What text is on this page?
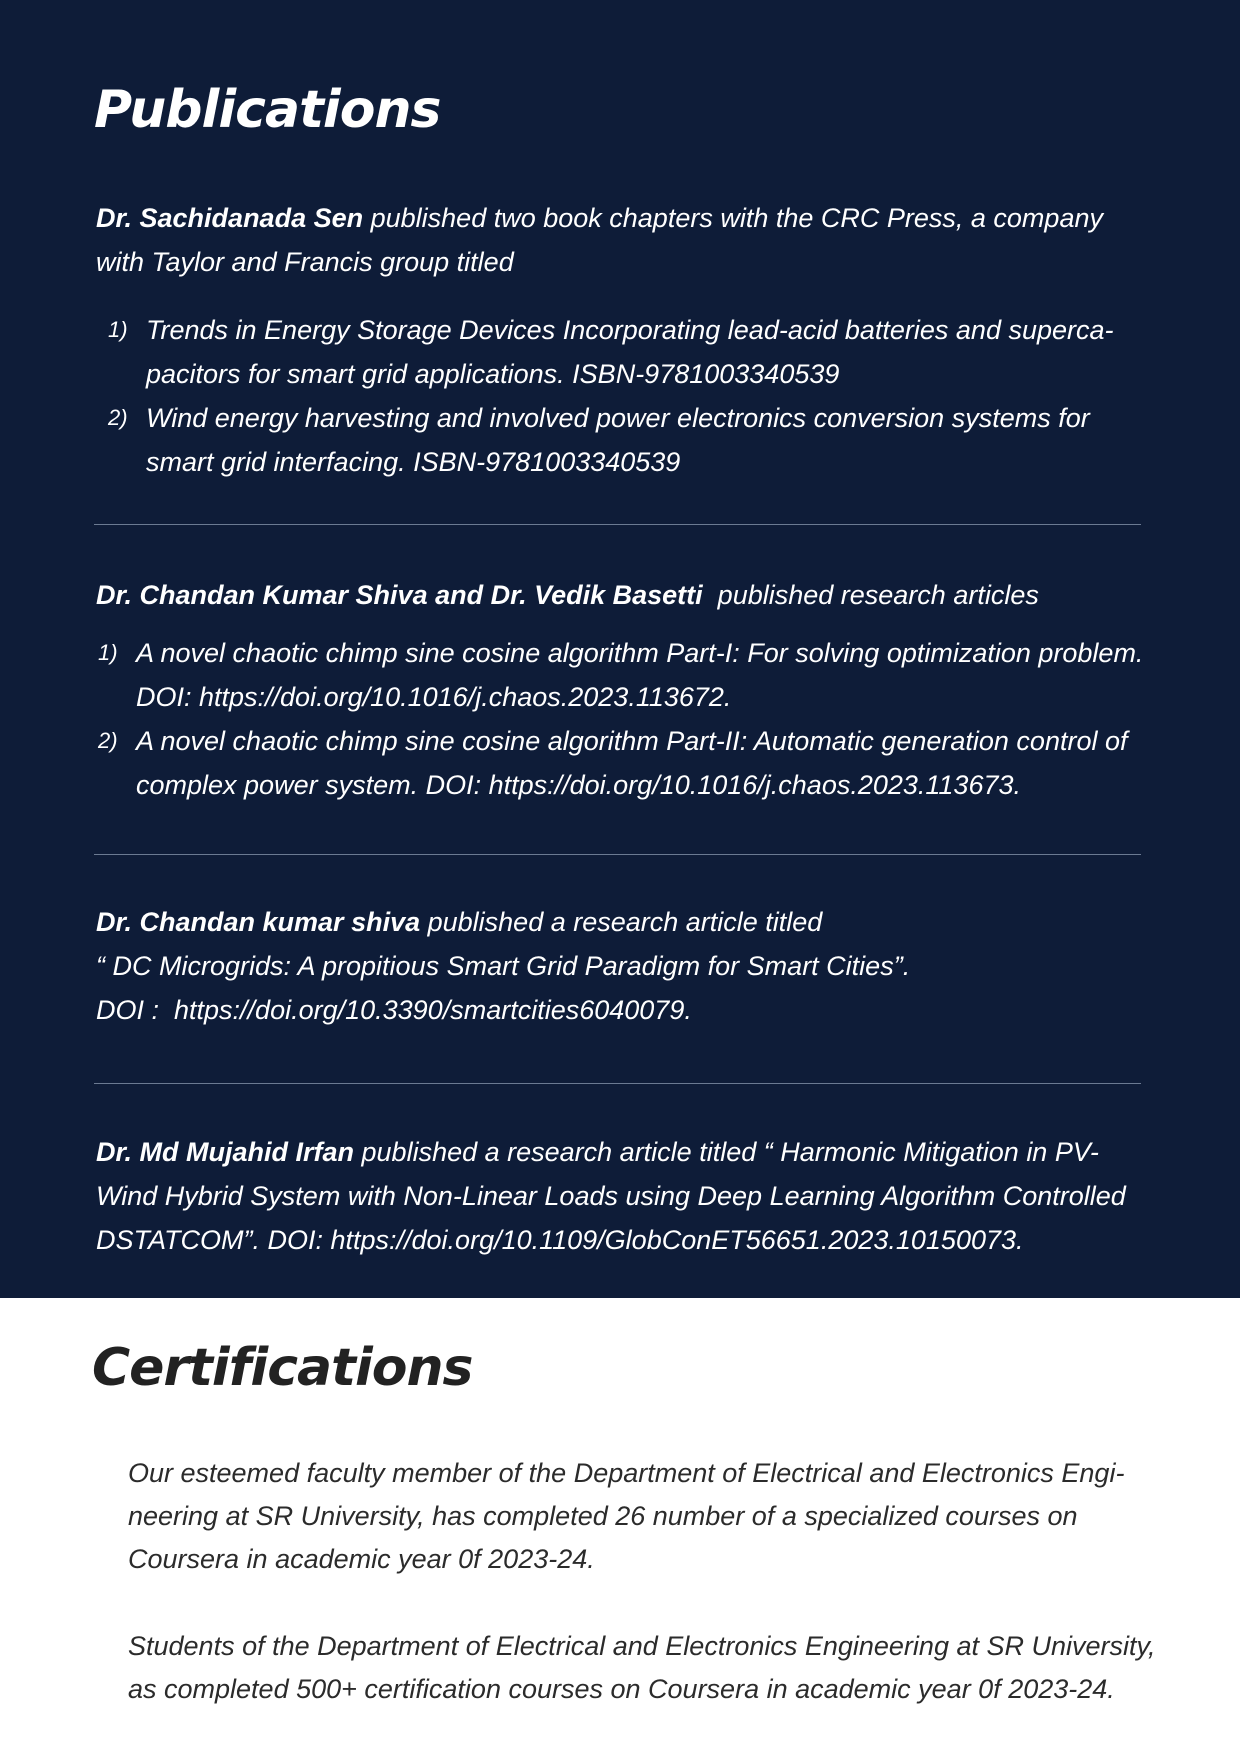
Publications

Dr. Sachidanada Sen published two book chapters with the CRC Press, a company with Taylor and Francis group titled

1) Trends in Energy Storage Devices Incorporating lead-acid batteries and supercapacitors for smart grid applications. ISBN-9781003340539
2) Wind energy harvesting and involved power electronics conversion systems for smart grid interfacing. ISBN-9781003340539

Dr. Chandan Kumar Shiva and Dr. Vedik Basetti  published research articles

1) A novel chaotic chimp sine cosine algorithm Part-I: For solving optimization problem. DOI: https://doi.org/10.1016/j.chaos.2023.113672.
2) A novel chaotic chimp sine cosine algorithm Part-II: Automatic generation control of complex power system. DOI: https://doi.org/10.1016/j.chaos.2023.113673.
Dr. Chandan kumar shiva published a research article titled
“ DC Microgrids: A propitious Smart Grid Paradigm for Smart Cities”.
DOI :  https://doi.org/10.3390/smartcities6040079.

Dr. Md Mujahid Irfan published a research article titled “ Harmonic Mitigation in PV-Wind Hybrid System with Non-Linear Loads using Deep Learning Algorithm Controlled DSTATCOM”. DOI: https://doi.org/10.1109/GlobConET56651.2023.10150073.

Certifications

Our esteemed faculty member of the Department of Electrical and Electronics Engineering at SR University, has completed 26 number of a specialized courses on Coursera in academic year 0f 2023-24.

Students of the Department of Electrical and Electronics Engineering at SR University, as completed 500+ certification courses on Coursera in academic year 0f 2023-24.
